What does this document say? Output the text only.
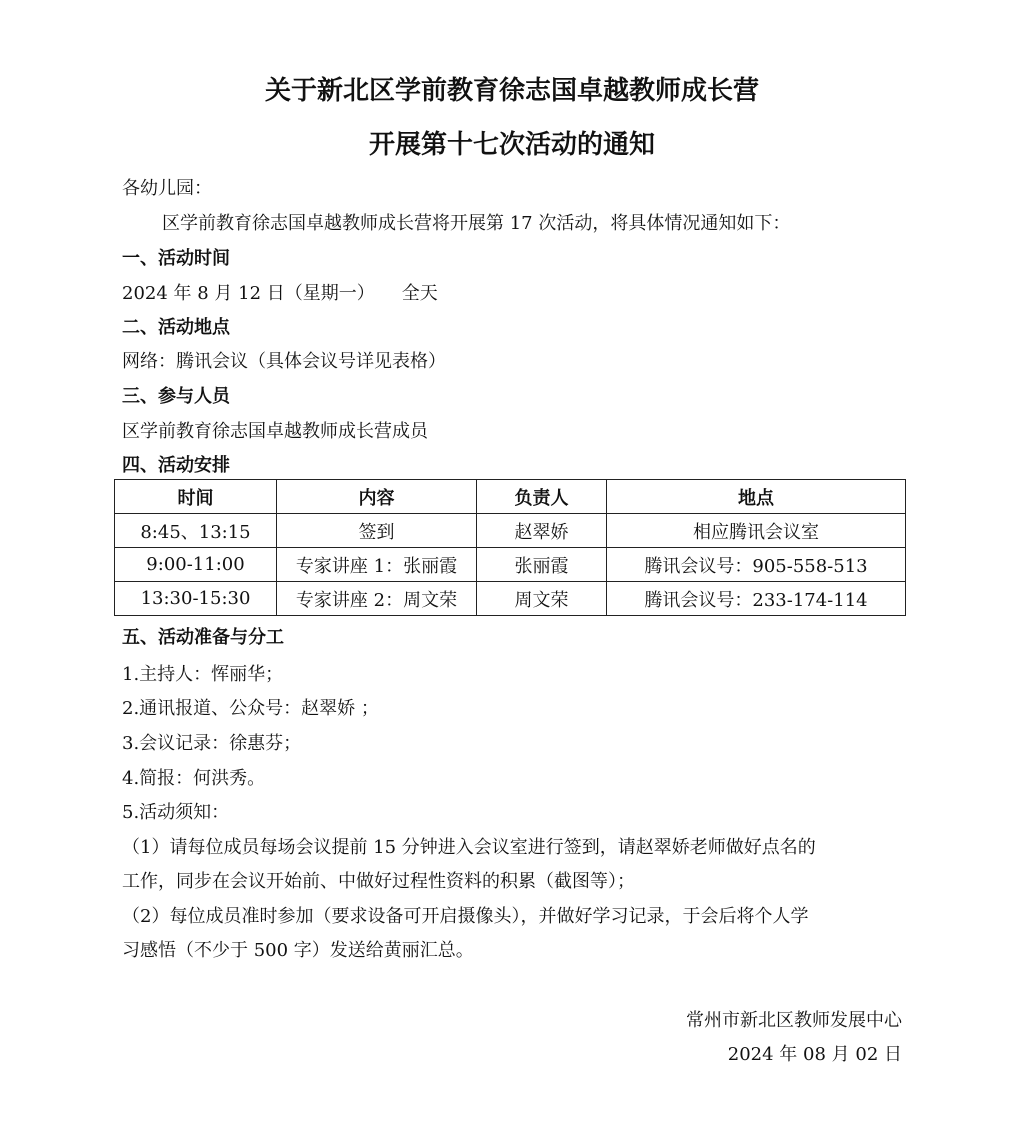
关于新北区学前教育徐志国卓越教师成长营
开展第十七次活动的通知
各幼儿园：
区学前教育徐志国卓越教师成长营将开展第 17 次活动，将具体情况通知如下：
一、活动时间
2024 年 8 月 12 日（星期一）　　全天
二、活动地点
网络：腾讯会议（具体会议号详见表格）
三、参与人员
区学前教育徐志国卓越教师成长营成员
四、活动安排
时间	内容	负责人	地点
8:45、13:15	签到	赵翠娇	相应腾讯会议室
9:00-11:00	专家讲座 1：张丽霞	张丽霞	腾讯会议号：905-558-513
13:30-15:30	专家讲座 2：周文荣	周文荣	腾讯会议号：233-174-114
五、活动准备与分工
1.主持人：恽丽华；
2.通讯报道、公众号：赵翠娇 ；
3.会议记录：徐惠芬；
4.简报：何洪秀。
5.活动须知：
（1）请每位成员每场会议提前 15 分钟进入会议室进行签到，请赵翠娇老师做好点名的
工作，同步在会议开始前、中做好过程性资料的积累（截图等）；
（2）每位成员准时参加（要求设备可开启摄像头），并做好学习记录，于会后将个人学
习感悟（不少于 500 字）发送给黄丽汇总。
常州市新北区教师发展中心
2024 年 08 月 02 日
